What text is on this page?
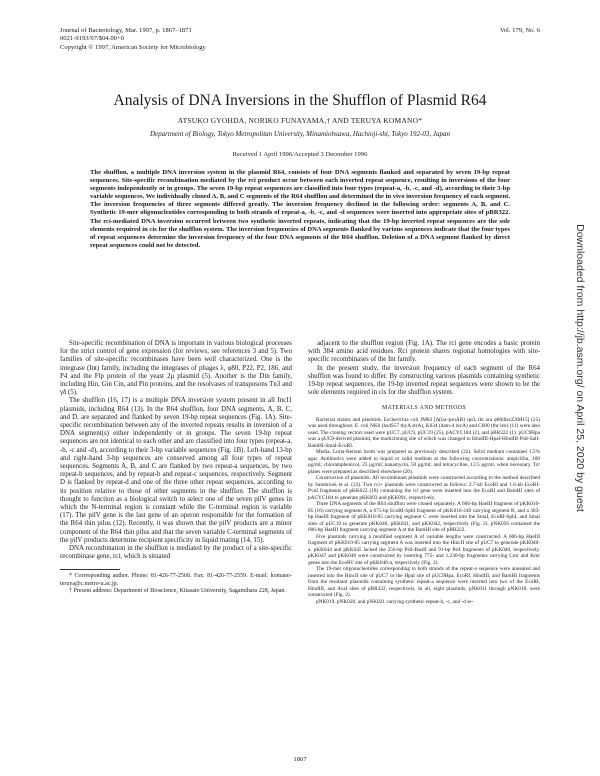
Journal of Bacteriology, Mar. 1997, p. 1867–1871
0021-9193/97/$04.00+0
Copyright © 1997, American Society for Microbiology
Vol. 179, No. 6
Analysis of DNA Inversions in the Shufflon of Plasmid R64
ATSUKO GYOHDA, NORIKO FUNAYAMA,† AND TERUYA KOMANO*
Department of Biology, Tokyo Metropolitan University, Minamiohsawa, Hachioji-shi, Tokyo 192-03, Japan
Received 1 April 1996/Accepted 3 December 1996

The shufflon, a multiple DNA inversion system in the plasmid R64, consists of four DNA segments flanked and separated by seven 19-bp repeat sequences. Site-specific recombination mediated by the rci product occur between each inverted repeat sequence, resulting in inversions of the four segments independently or in groups. The seven 19-bp repeat sequences are classified into four types (repeat-a, -b, -c, and -d), according to their 3-bp variable sequences. We individually cloned A, B, and C segments of the R64 shufflon and determined the in vivo inversion frequency of each segment. The inversion frequencies of three segments differed greatly. The inversion frequency declined in the following order: segments A, B, and C. Synthetic 19-mer oligonucleotides corresponding to both strands of repeat-a, -b, -c, and -d sequences were inserted into appropriate sites of pBR322. The rci-mediated DNA inversion occurred between two synthetic inverted repeats, indicating that the 19-bp inverted repeat sequences are the sole elements required in cis for the shufflon system. The inversion frequencies of DNA segments flanked by various sequences indicate that the four types of repeat sequences determine the inversion frequency of the four DNA segments of the R64 shufflon. Deletion of a DNA segment flanked by direct repeat sequences could not be detected.

Site-specific recombination of DNA is important in various biological processes for the strict control of gene expression (for reviews, see references 3 and 5). Two families of site-specific recombinases have been well characterized. One is the integrase (Int) family, including the integrases of phages λ, φ80, P22, P2, 186, and P4 and the Flp protein of the yeast 2μ plasmid (5). Another is the Din family, including Hin, Gin Cin, and Pin proteins, and the resolvases of transposons Tn3 and γδ (5).

The shufflon (16, 17) is a multiple DNA inversion system present in all IncI1 plasmids, including R64 (13). In the R64 shufflon, four DNA segments, A, B, C, and D, are separated and flanked by seven 19-bp repeat sequences (Fig. 1A). Site-specific recombination between any of the inverted repeats results in inversion of a DNA segment(s) either independently or in groups. The seven 19-bp repeat sequences are not identical to each other and are classified into four types (repeat-a, -b, -c and -d), according to their 3-bp variable sequences (Fig. 1B). Left-hand 13-bp and right-hand 3-bp sequences are conserved among all four types of repeat sequences. Segments A, B, and C are flanked by two repeat-a sequences, by two repeat-b sequences, and by repeat-b and repeat-c sequences, respectively. Segment D is flanked by repeat-d and one of the three other repeat sequences, according to its position relative to those of other segments in the shufflon. The shufflon is thought to function as a biological switch to select one of the seven pilV genes in which the N-terminal region is constant while the C-terminal region is variable (17). The pilV gene is the last gene of an operon responsible for the formation of the R64 thin pilus (12). Recently, it was shown that the pilV products are a minor component of the R64 thin pilus and that the seven variable C-terminal segments of the pilV products determine recipient specificity in liquid mating (14, 15).

DNA recombination in the shufflon is mediated by the product of a site-specific recombinase gene, rci, which is situated

* Corresponding author. Phone: 81-426-77-2568. Fax: 81-426-77-2559. E-mail: komano-teruya@c.metro-u.ac.jp.

† Present address: Department of Bioscience, Kitasato University, Sagamihara 228, Japan.

adjacent to the shufflon region (Fig. 1A). The rci gene encodes a basic protein with 384 amino acid residues. Rci protein shares regional homologies with site-specific recombinases of the Int family.

In the present study, the inversion frequency of each segment of the R64 shufflon was found to differ. By constructing various plasmids containing synthetic 19-bp repeat sequences, the 19-bp inverted repeat sequences were shown to be the sole elements required in cis for the shufflon system.

MATERIALS AND METHODS

Bacterial strains and plasmids. Escherichia coli JM83 [Δ(lac-proAB) rpsL thi ara φ80dlacZΔM15] (25) was used throughout. E. coli NK6 (hsdS57 thyA strA), K634 (dam-4 recA) and C600 (thr leu) (11) were also used. The cloning vectors used were pUC7, pUC9, pUC19 (25), pACYC184 (2), and pBR322 (1). pUC9Hpa was a pUC9-derived plasmid, the multicloning site of which was changed to HindIII-HpaI-HindIII-PstI-SalI-BamHI-SmaI-EcoRI.

Media. Luria-Bertani broth was prepared as previously described (22). Solid medium contained 1.5% agar. Antibiotics were added to liquid or solid medium at the following concentrations: ampicillin, 100 μg/ml; chloramphenicol, 25 μg/ml; kanamycin, 50 μg/ml; and tetracycline, 12.5 μg/ml, when necessary. Tcr plates were prepared as described elsewhere (20).

Construction of plasmids. All recombinant plasmids were constructed according to the method described by Sambrook et al. (22). Two rci+ plasmids were constructed as follows: 2.7-kb EcoRI and 1.6-kb EcoRI-PvuI fragments of pKK022 (18) containing the rci gene were inserted into the EcoRI and BamHI sites of pACYC184 to generate pKK093 and pKK091, respectively.

Three DNA segments of the R64 shufflon were cloned separately. A 606-bp HaeIII fragment of pKK010-85 (16) carrying segment A, a 675-bp EcoRI-SphI fragment of pKK010-240 carrying segment B, and a 303-bp HaeIII fragment of pKK010-85 carrying segment C were inserted into the SmaI, EcoRI-SphI, and SmaI sites of pUC19 to generate pKK040, pKK041, and pKK042, respectively (Fig. 2). pNK056 contained the 606-bp HaeIII fragment carrying segment A at the BamHI site of pBR322.

Five plasmids carrying a modified segment A of variable lengths were constructed. A 606-bp HaeIII fragment of pKK010-85 carrying segment A was inserted into the HincII site of pUC7 to generate pKK040-a. pKK044 and pKK045 lacked the 256-bp PstI-BanII and 91-bp PstI fragments of pKK040, respectively. pKK047 and pKK048 were constructed by inserting 775- and 1,230-bp fragments carrying Cmr and Kmr genes into the EcoRV site of pKK040-a, respectively (Fig. 2).

The 19-mer oligonucleotides corresponding to both strands of the repeat-a sequence were annealed and inserted into the HincII site of pUC7 or the HpaI site of pUC9Hpa. EcoRI, HindIII, and BamHI fragments from the resultant plasmids containing synthetic repeat-a sequence were inserted into two of the EcoRI, HindIII, and AvaI sites of pBR322, respectively. In all, eight plasmids, pNK011 through pNK018, were constructed (Fig. 2).

pNK019, pNK020, and pNK021 carrying synthetic repeat-b, -c, and -d se-

1867
Downloaded from http://jb.asm.org/ on April 25, 2020 by guest
